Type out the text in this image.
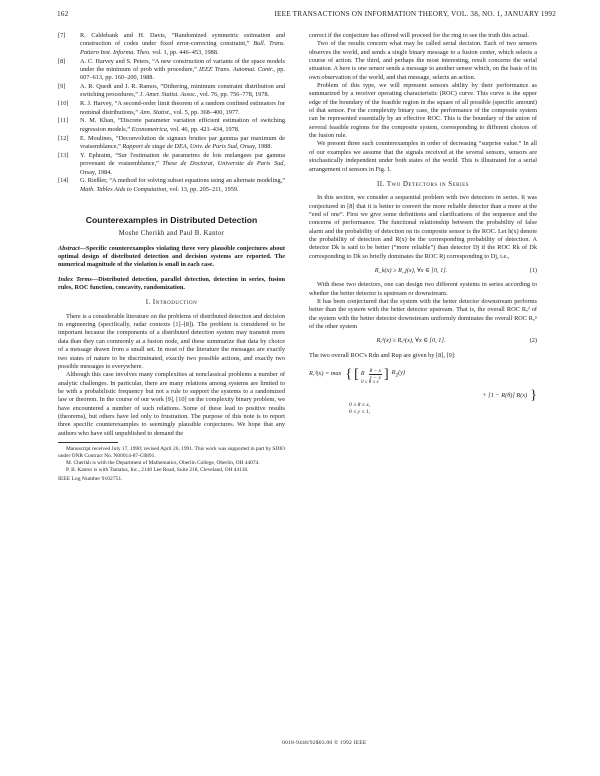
162	IEEE TRANSACTIONS ON INFORMATION THEORY, VOL. 38, NO. 1, JANUARY 1992
[7]	R. Caldebank and H. Davis, “Randomized symmetric estimation and construction of codes under fixed error-correcting constraint,” Bull. Trans. Pattern Inst. Informa. Theo. vol. 1, pp. 446–453, 1988.
[8]	A. C. Harvey and S. Peters, “A new construction of variants of the space models under the minimum of prob with procedure,” IEEE Trans. Automat. Contr., pp. 607–613, pp. 160–200, 1988.
[9]	A. R. Quedi and J. R. Ramos, “Dithering, minimum constraint distribution and switching procedures,” J. Amer. Statist. Assoc., vol. 76, pp. 756–778, 1978.
[10]	R. J. Harvey, “A second-order limit theorem of a random confined estimators for nominal distributions,” Ann. Statist., vol. 5, pp. 368–400, 1977.
[11]	N. M. Khan, “Discrete parameter variation efficient estimation of switching regression models,” Econometrica, vol. 46, pp. 421–434, 1978.
[12]	E. Moulines, “Deconvolution de signaux bruites par gamma par maximum de vraisemblance,” Rapport de stage de DEA, Univ. de Paris Sud, Orsay, 1988.
[13]	Y. Ephraim, “Sur l'estimation de parametres de lois melangees par gamma provenant de vraisemblance,” These de Doctorat, Universite de Paris Sud, Orsay, 1984.
[14]	G. Rießler, “A method for solving subset equations using an alternate modeling,” Math. Tables Aids to Computation, vol. 13, pp. 205–211, 1959.
Counterexamples in Distributed Detection
Moshe Cherikh and Paul B. Kantor
Abstract—Specific counterexamples violating three very plausible conjectures about optimal design of distributed detection and decision systems are reported. The numerical magnitude of the violation is small in each case.
Index Terms—Distributed detection, parallel detection, detection in series, fusion rules, ROC function, concavity, randomization.
I. Introduction

There is a considerable literature on the problems of distributed detection and decision in engineering (specifically, radar contexts [1]–[8]). The problem is considered to be important because the components of a distributed detection system may transmit more data than they can commonly at a fusion node, and these summarize that data by choice of a message drawn from a small set. In most of the literature the messages are exactly two states of nature to be discriminated, exactly two possible actions, and exactly two possible messages to everywhere.

Although this case involves many complexities at nonclassical problems a number of analytic challenges. In particular, there are many relations among systems are limited to be with a probabilistic frequency but not a rule to support the systems to a randomized law or theorem. In the course of our work [9], [10] on the complexity binary problem, we have encountered a number of such relations. Some of these lead to positive results (theorems), but others have led only to frustration. The purpose of this note is to report three specific counterexamples to seemingly plausible conjectures. We hope that any authors who have still unpublished to demand the

Manuscript received July 17, 1990; revised April 26, 1991. This work was supported in part by SDIO under ONR Contract No. N00014-87-C0891.

M. Cherikh is with the Department of Mathematics, Oberlin College, Oberlin, OH 44074.

P. B. Kantor is with Tantalus, Inc., 2140 Lee Road, Suite 218, Cleveland, OH 44118.

IEEE Log Number 9102751.

correct if the conjecture has offered will proceed for the ring to see the truth this actual.

Two of the results concern what may be called serial decision. Each of two sensors observes the world, and sends a single binary message to a fusion center, which selects a course of action. The third, and perhaps the most interesting, result concerns the serial situation. A here is one sensor sends a message to another sensor which, on the basis of its own observation of the world, and that message, selects an action.

Problem of this type, we will represent sensors ability by their performance as summarized by a receiver operating characteristic (ROC) curve. This curve is the upper edge of the boundary of the feasible region in the square of all possible (specific amount) of that sensor. For the complexity binary case, the performance of the composite system can be represented essentially by an effective ROC. This is the boundary of the union of several feasible regions for the composite system, corresponding to different choices of the fusion rule.

We present three such counterexamples in order of decreasing “surprise value.” In all of our examples we assume that the signals received at the several sensors, sensors are stochastically independent under both states of the world. This is illustrated for a serial arrangement of sensors in Fig. 1.

II. Two Detectors in Series

In this section, we consider a sequential problem with two detectors in series. It was conjectured in [8] that it is better to convert the more reliable detector than a more at the “end of one”. First we give some definitions and clarifications of the sequence and the concerns of performance. The functional relationship between the probability of false alarm and the probability of detection on its composite sensor is the ROC. Let h(x) denote the probability of detection and R(x) be the corresponding probability of detection. A detector Dk is said to be better (“more reliable”) than detector Dj if the ROC Rk of Dk corresponding to Dk so briefly dominates the ROC Rj corresponding to Dj, i.e.,

R_k(x) ≥ R_j(x), ∀x ∈ [0, 1].	(1)

With these two detectors, one can design two different systems in series according to whether the better detector is upstream or downstream.

It has been conjectured that the system with the better detector downstream performs better than the system with the better detector upstream. That is, the overall ROC Rₑᵈ of the system with the better detector downstream uniformly dominates the overall ROC Rᵤᵖ of the other system

Rₑᵈ(x) ≥ Rᵤᵖ(x), ∀x ∈ [0, 1].	(2)

The two overall ROC's Rdn and Rup are given by [8], [9]:

Rₑᵈ(x) = max { [ R $\frac{\theta - x}{y - x}$ ] $R_2(y)$
0 ≤ θ ≤ x
+ [1 − R(θ)] R(x) }
0 ≤ θ ≤ x,
0 ≤ y ≤ 1,
0018-9448/92$03.00 © 1992 IEEE
